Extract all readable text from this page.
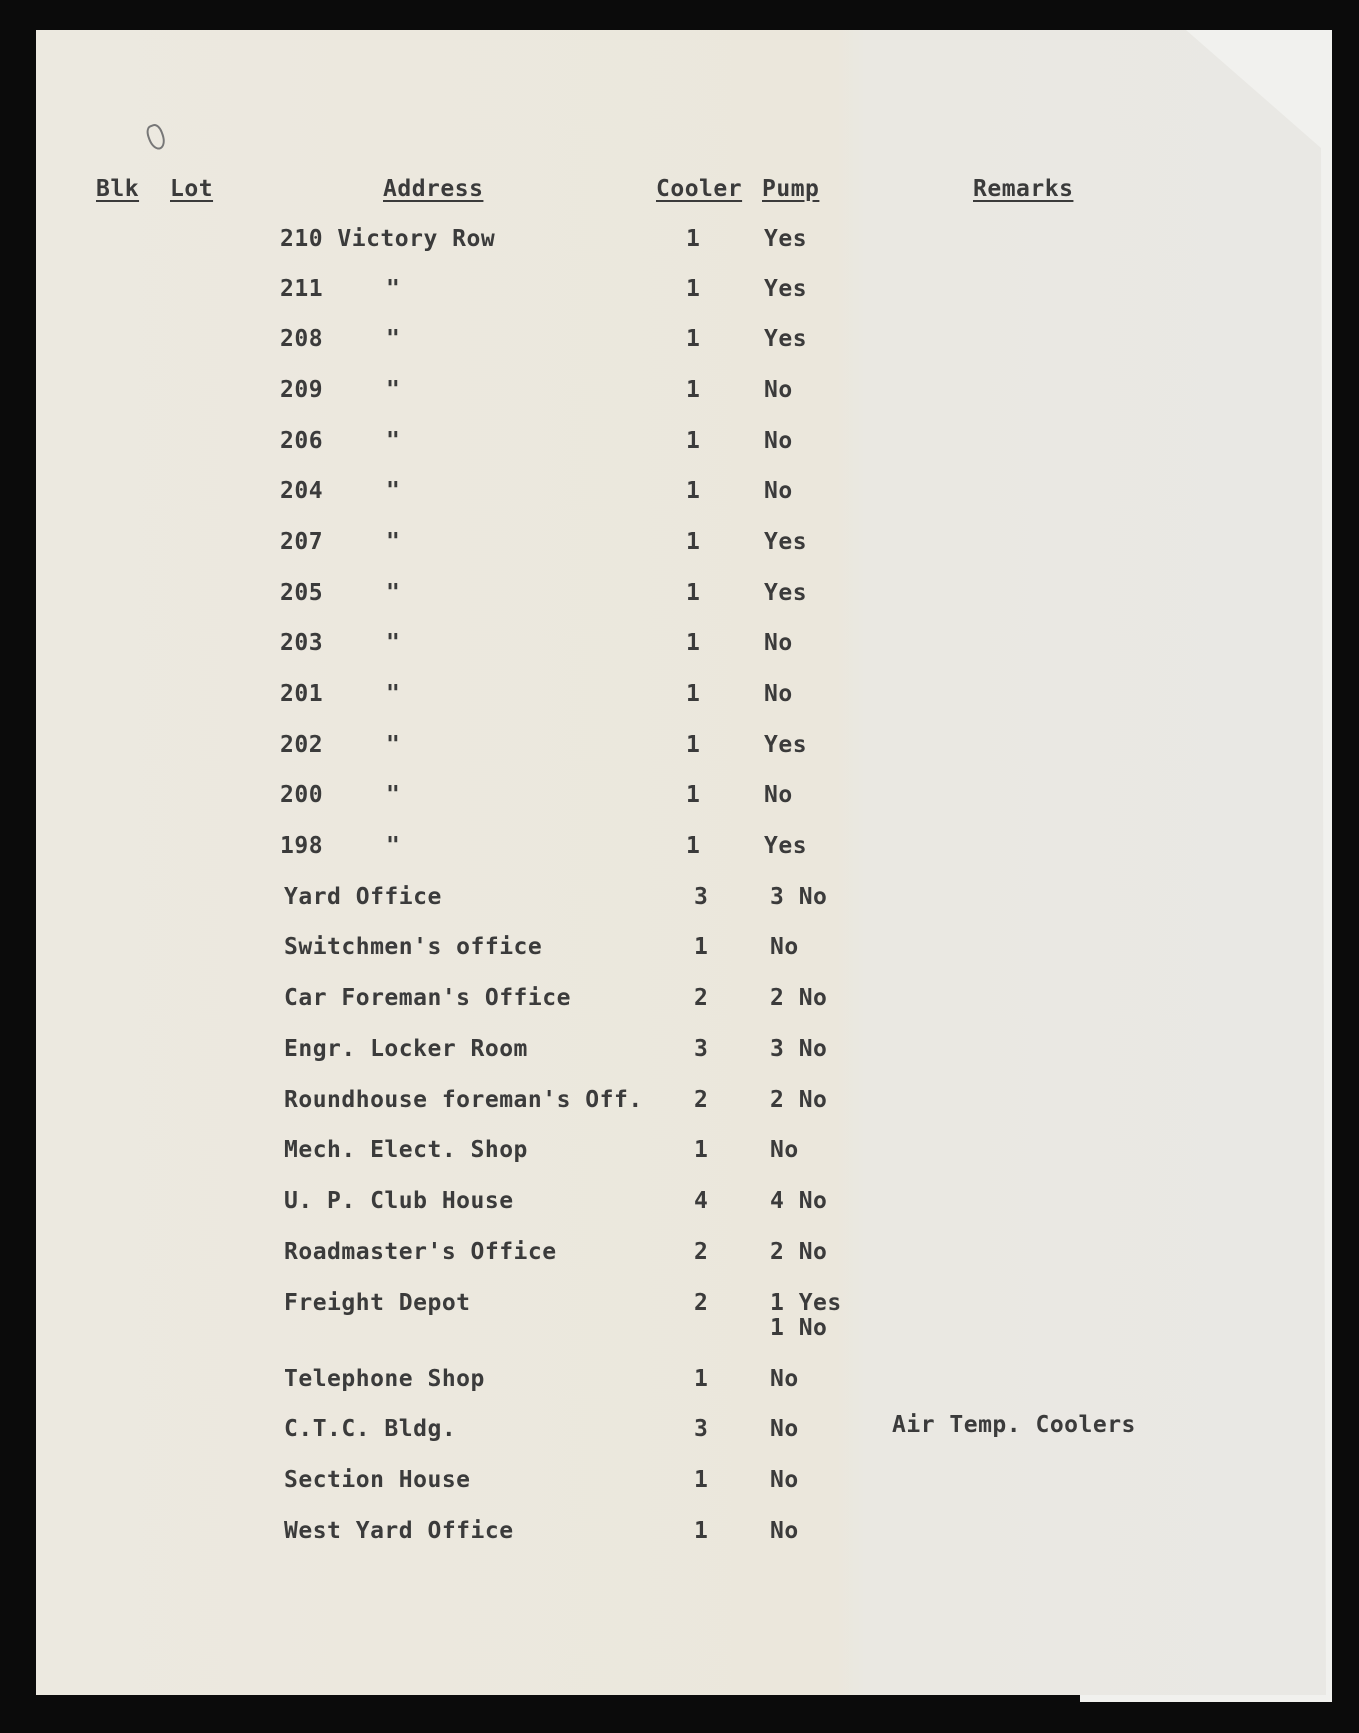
Blk Lot	Address	Cooler Pump	Remarks
210 Victory Row	1	Yes
211	"	1	Yes
208	"	1	Yes
209	"	1	No
206	"	1	No
204	"	1	No
207	"	1	Yes
205	"	1	Yes
203	"	1	No
201	"	1	No
202	"	1	Yes
200	"	1	No
198	"	1	Yes
Yard Office	3	3 No
Switchmen's office	1	No
Car Foreman's Office	2	2 No
Engr. Locker Room	3	3 No
Roundhouse foreman's Off. 2	2 No
Mech. Elect. Shop	1	No
U. P. Club House	4	4 No
Roadmaster's Office	2	2 No
Freight Depot	2	1 Yes
1 No
Telephone Shop	1	No
C.T.C. Bldg.	3	No	Air Temp. Coolers
Section House	1	No
West Yard Office	1	No
